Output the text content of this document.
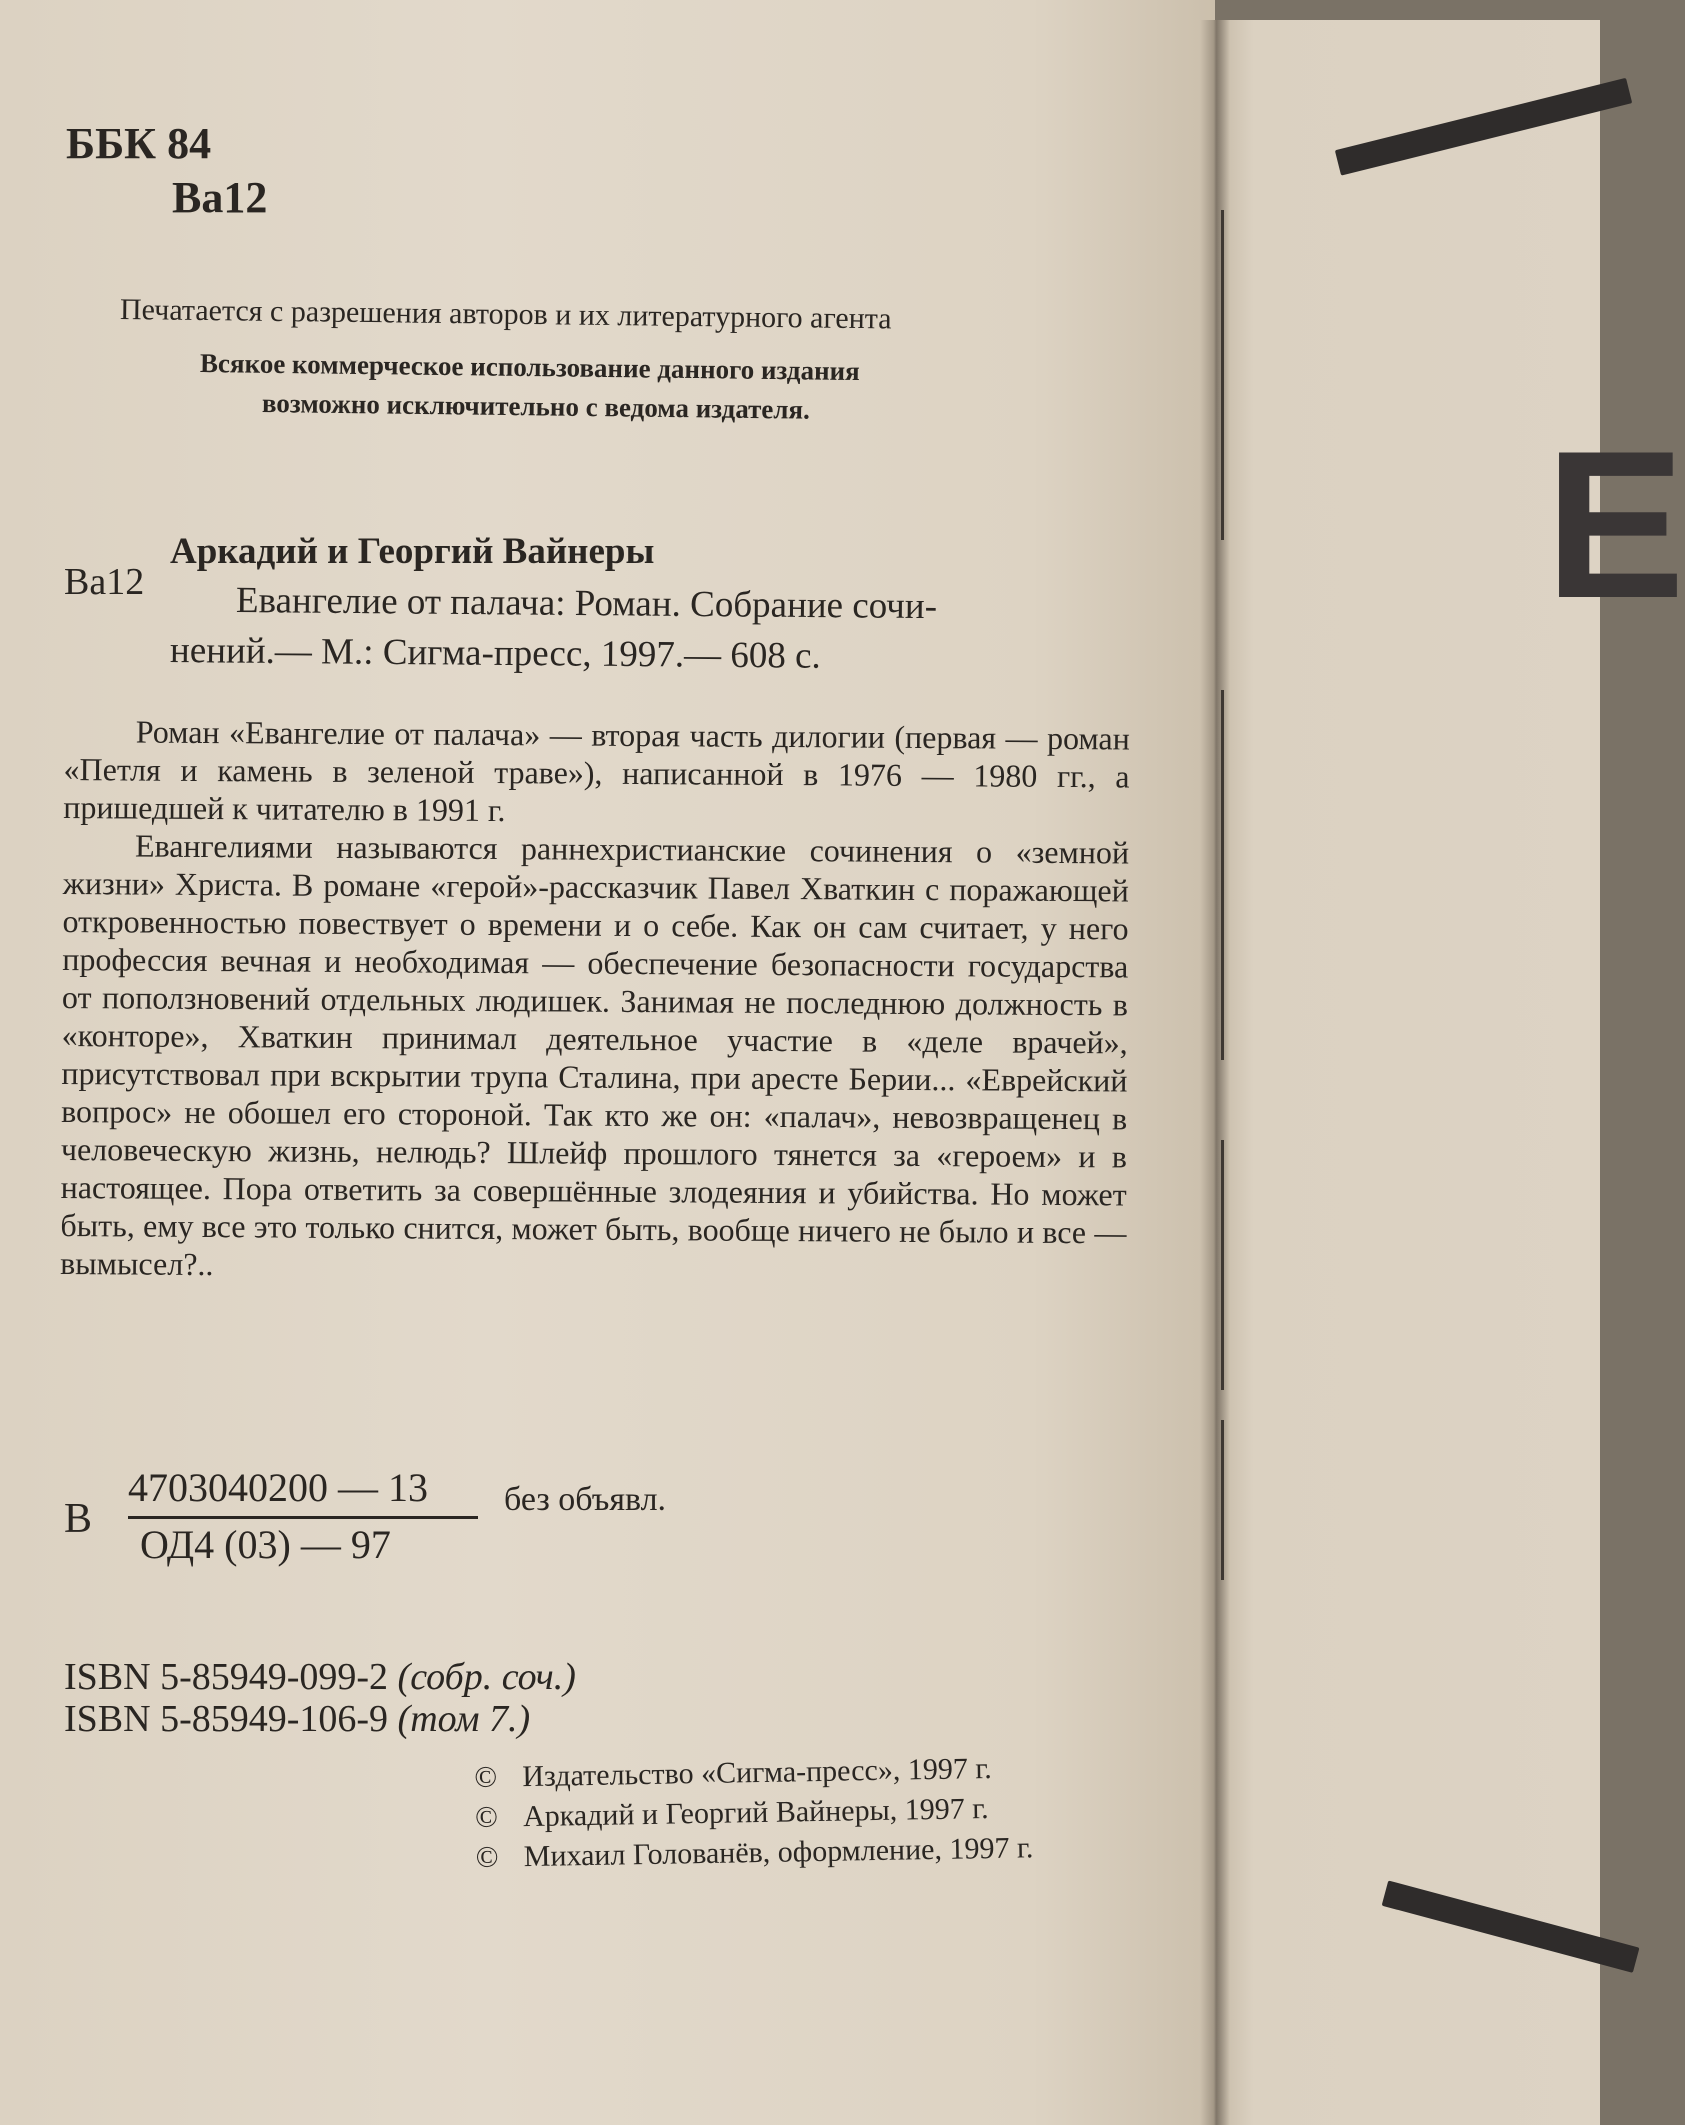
Е
ББК 84
Ва12
Печатается с разрешения авторов и их литературного агента
Всякое коммерческое использование данного издания
возможно исключительно с ведома издателя.
Аркадий и Георгий Вайнеры
Ва12 Евангелие от палача: Роман. Собрание сочи-
нений.— М.: Сигма-пресс, 1997.— 608 с.

Роман «Евангелие от палача» — вторая часть дилогии (первая — роман «Петля и камень в зеленой траве»), написанной в 1976 — 1980 гг., а пришедшей к читателю в 1991 г.

Евангелиями называются раннехристианские сочинения о «земной жизни» Христа. В романе «герой»-рассказчик Павел Хваткин с поражающей откровенностью повествует о времени и о себе. Как он сам считает, у него профессия вечная и необходимая — обеспечение безопасности государства от поползновений отдельных людишек. Занимая не последнюю должность в «конторе», Хваткин принимал деятельное участие в «деле врачей», присутствовал при вскрытии трупа Сталина, при аресте Берии... «Еврейский вопрос» не обошел его стороной. Так кто же он: «палач», невозвращенец в человеческую жизнь, нелюдь? Шлейф прошлого тянется за «героем» и в настоящее. Пора ответить за совершённые злодеяния и убийства. Но может быть, ему все это только снится, может быть, вообще ничего не было и все — вымысел?..

В
4703040200 — 13
ОД4 (03) — 97
без объявл.
ISBN 5-85949-099-2 (собр. соч.)
ISBN 5-85949-106-9 (том 7.)
© Издательство «Сигма-пресс», 1997 г.
© Аркадий и Георгий Вайнеры, 1997 г.
© Михаил Голованёв, оформление, 1997 г.
